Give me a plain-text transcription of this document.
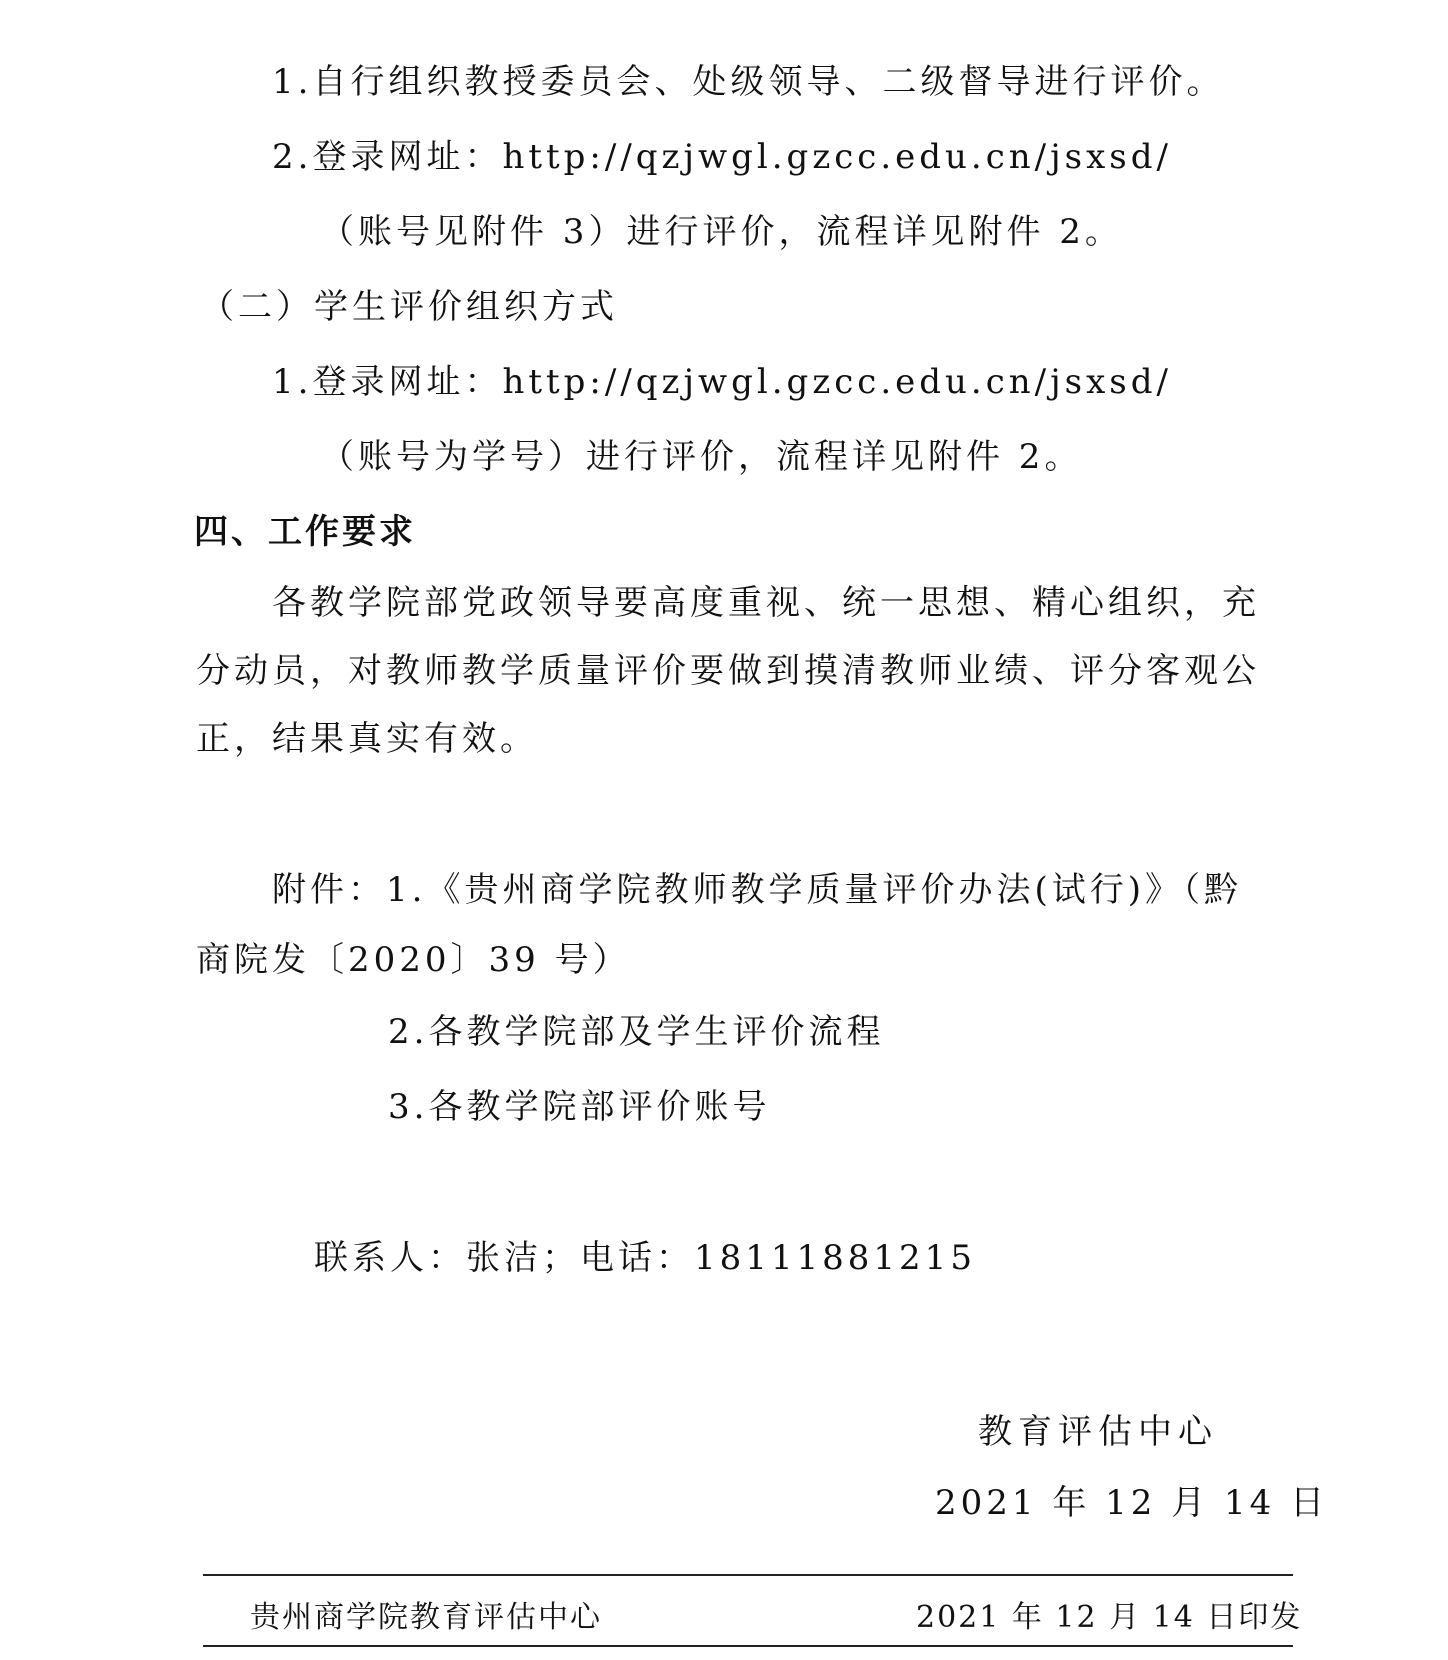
1.自行组织教授委员会、处级领导、二级督导进行评价。
2.登录网址：http://qzjwgl.gzcc.edu.cn/jsxsd/
（账号见附件 3）进行评价，流程详见附件 2。
（二）学生评价组织方式
1.登录网址：http://qzjwgl.gzcc.edu.cn/jsxsd/
（账号为学号）进行评价，流程详见附件 2。
四、工作要求
各教学院部党政领导要高度重视、统一思想、精心组织，充
分动员，对教师教学质量评价要做到摸清教师业绩、评分客观公
正，结果真实有效。
附件：1.《贵州商学院教师教学质量评价办法(试行)》（黔
商院发〔2020〕39 号）
2.各教学院部及学生评价流程
3.各教学院部评价账号
联系人：张洁；电话：18111881215
教育评估中心
2021 年 12 月 14 日
贵州商学院教育评估中心	2021 年 12 月 14 日印发
